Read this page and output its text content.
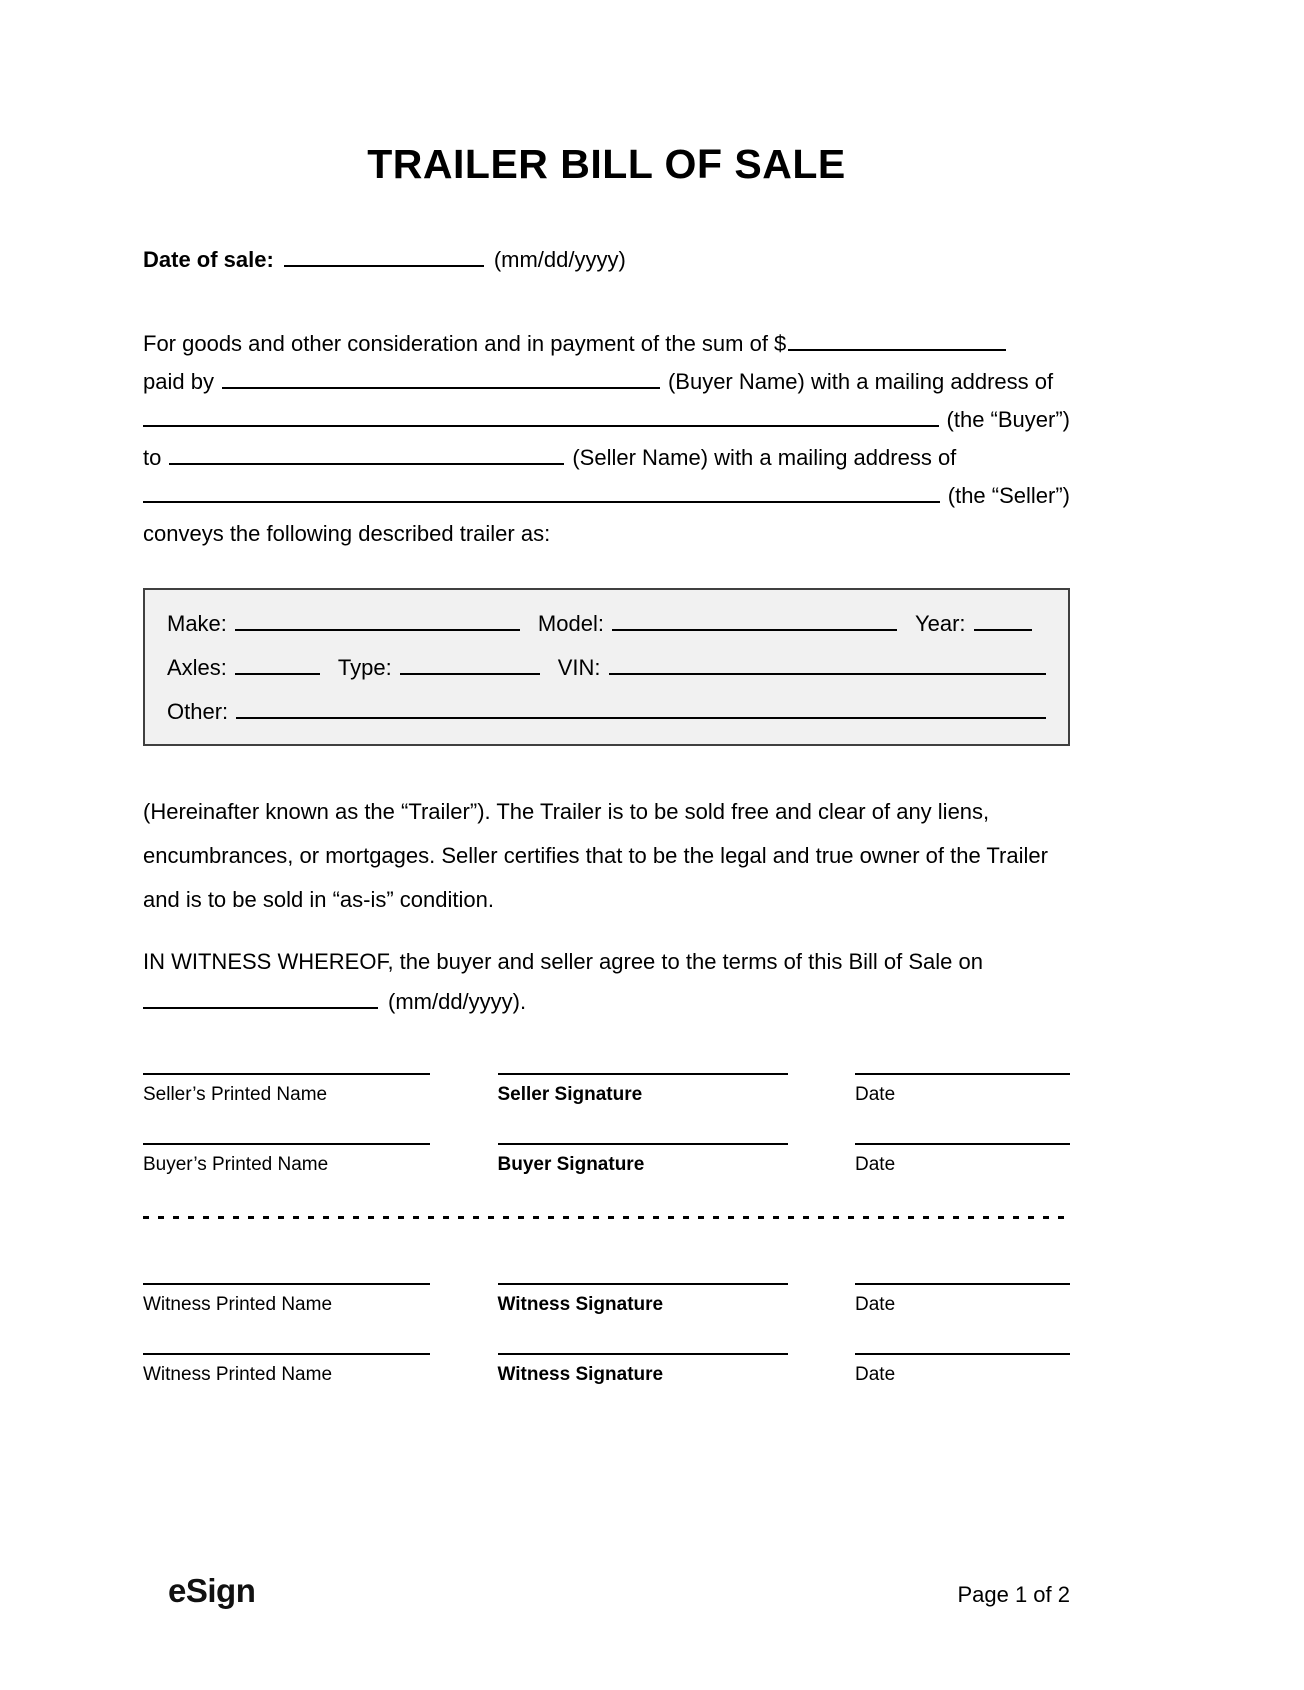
TRAILER BILL OF SALE
Date of sale:	(mm/dd/yyyy)
For goods and other consideration and in payment of the sum of $
paid by	(Buyer Name) with a mailing address of
(the “Buyer”)
to	(Seller Name) with a mailing address of
(the “Seller”)
conveys the following described trailer as:
Make:	Model:	Year:
Axles:	Type:	VIN:
Other:

(Hereinafter known as the “Trailer”). The Trailer is to be sold free and clear of any liens, encumbrances, or mortgages. Seller certifies that to be the legal and true owner of the Trailer and is to be sold in “as-is” condition.

IN WITNESS WHEREOF, the buyer and seller agree to the terms of this Bill of Sale on
(mm/dd/yyyy).
Seller’s Printed Name	Seller Signature	Date
Buyer’s Printed Name	Buyer Signature	Date
Witness Printed Name	Witness Signature	Date
Witness Printed Name	Witness Signature	Date
eSign	Page 1 of 2
